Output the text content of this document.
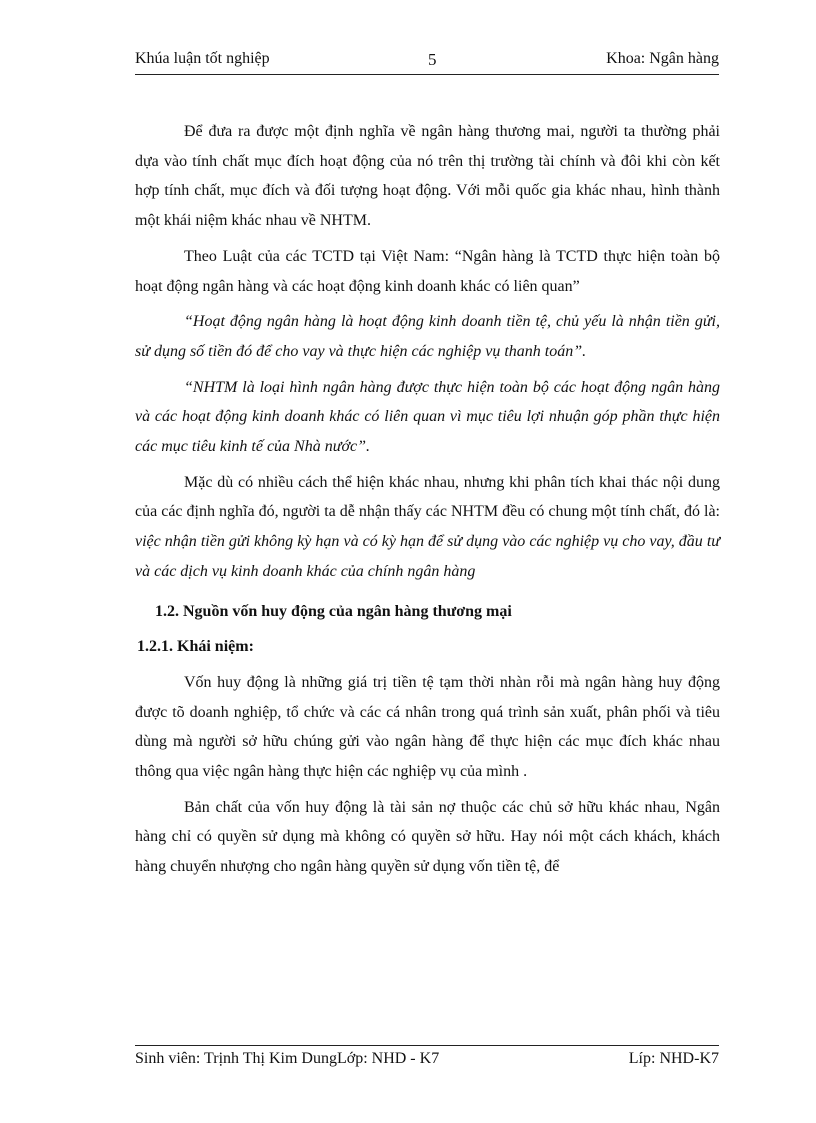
Khúa luận tốt nghiệp	5	Khoa: Ngân hàng

Để đưa ra được một định nghĩa về ngân hàng thương mai, người ta thường phải dựa vào tính chất mục đích hoạt động của nó trên thị trường tài chính và đôi khi còn kết hợp tính chất, mục đích và đối tượng hoạt động. Với mỗi quốc gia khác nhau, hình thành một khái niệm khác nhau về NHTM.

Theo Luật của các TCTD tại Việt Nam: “Ngân hàng là TCTD thực hiện toàn bộ hoạt động ngân hàng và các hoạt động kinh doanh khác có liên quan”

“Hoạt động ngân hàng là hoạt động kinh doanh tiền tệ, chủ yếu là nhận tiền gửi, sử dụng số tiền đó để cho vay và thực hiện các nghiệp vụ thanh toán”.

“NHTM là loại hình ngân hàng được thực hiện toàn bộ các hoạt động ngân hàng và các hoạt động kinh doanh khác có liên quan vì mục tiêu lợi nhuận góp phần thực hiện các mục tiêu kinh tế của Nhà nước”.

Mặc dù có nhiều cách thể hiện khác nhau, nhưng khi phân tích khai thác nội dung của các định nghĩa đó, người ta dễ nhận thấy các NHTM đều có chung một tính chất, đó là: việc nhận tiền gửi không kỳ hạn và có kỳ hạn để sử dụng vào các nghiệp vụ cho vay, đầu tư và các dịch vụ kinh doanh khác của chính ngân hàng

1.2. Nguồn vốn huy động của ngân hàng thương mại

1.2.1. Khái niệm:

Vốn huy động là những giá trị tiền tệ tạm thời nhàn rỗi mà ngân hàng huy động được tõ doanh nghiệp, tổ chức và các cá nhân trong quá trình sản xuất, phân phối và tiêu dùng mà người sở hữu chúng gửi vào ngân hàng để thực hiện các mục đích khác nhau thông qua việc ngân hàng thực hiện các nghiệp vụ của mình .

Bản chất của vốn huy động là tài sản nợ thuộc các chủ sở hữu khác nhau, Ngân hàng chỉ có quyền sử dụng mà không có quyền sở hữu. Hay nói một cách khách, khách hàng chuyển nhượng cho ngân hàng quyền sử dụng vốn tiền tệ, để

Sinh viên: Trịnh Thị Kim DungLớp: NHD - K7	Líp: NHD-K7
